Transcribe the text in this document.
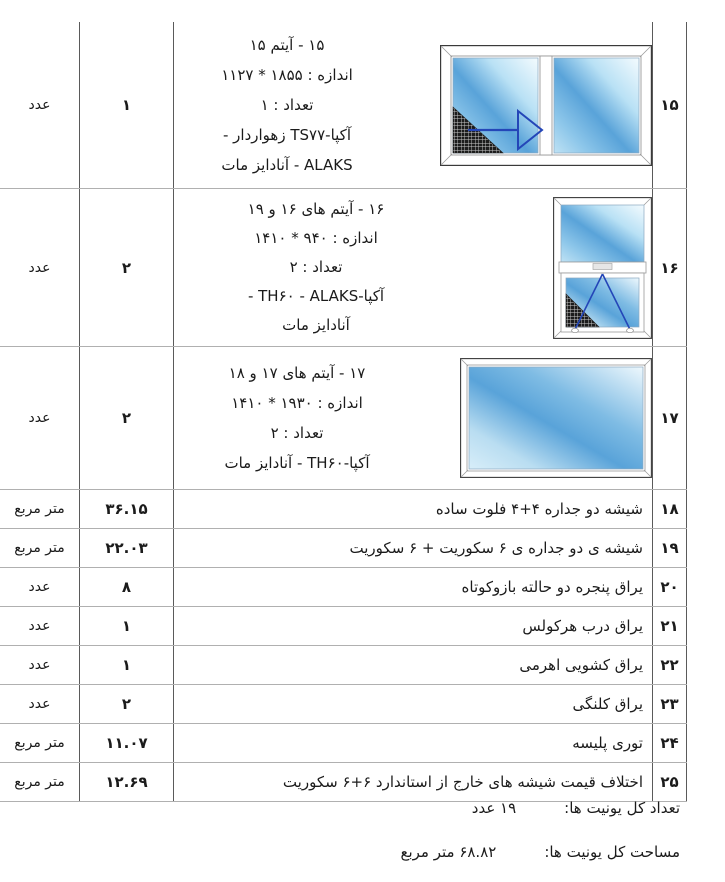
۱۵
۱۵ - آیتم ۱۵
اندازه : ۱۸۵۵ * ۱۱۲۷
تعداد : ۱
آکپا-TS۷۷ زهواردار -
ALAKS - آنادایز مات
۱
عدد
۱۶
۱۶ - آیتم های ۱۶ و ۱۹
اندازه : ۹۴۰ * ۱۴۱۰
تعداد : ۲
آکپا-TH۶۰ - ALAKS -
آنادایز مات
۲
عدد
۱۷
۱۷ - آیتم های ۱۷ و ۱۸
اندازه : ۱۹۳۰ * ۱۴۱۰
تعداد : ۲
آکپا-TH۶۰ - آنادایز مات
۲
عدد
۱۸
شیشه دو جداره ۴+۴ فلوت ساده
۳۶.۱۵
متر مربع
۱۹
شیشه ی دو جداره ی ۶ سکوریت + ۶ سکوریت
۲۲.۰۳
متر مربع
۲۰
یراق پنجره دو حالته بازوکوتاه
۸
عدد
۲۱
یراق درب هرکولس
۱
عدد
۲۲
یراق کشویی اهرمی
۱
عدد
۲۳
یراق کلنگی
۲
عدد
۲۴
توری پلیسه
۱۱.۰۷
متر مربع
۲۵
اختلاف قیمت شیشه های خارج از استاندارد ۶+۶ سکوریت
۱۲.۶۹
متر مربع
تعداد کل یونیت ها:
۱۹ عدد
مساحت کل یونیت ها:
۶۸.۸۲ متر مربع
